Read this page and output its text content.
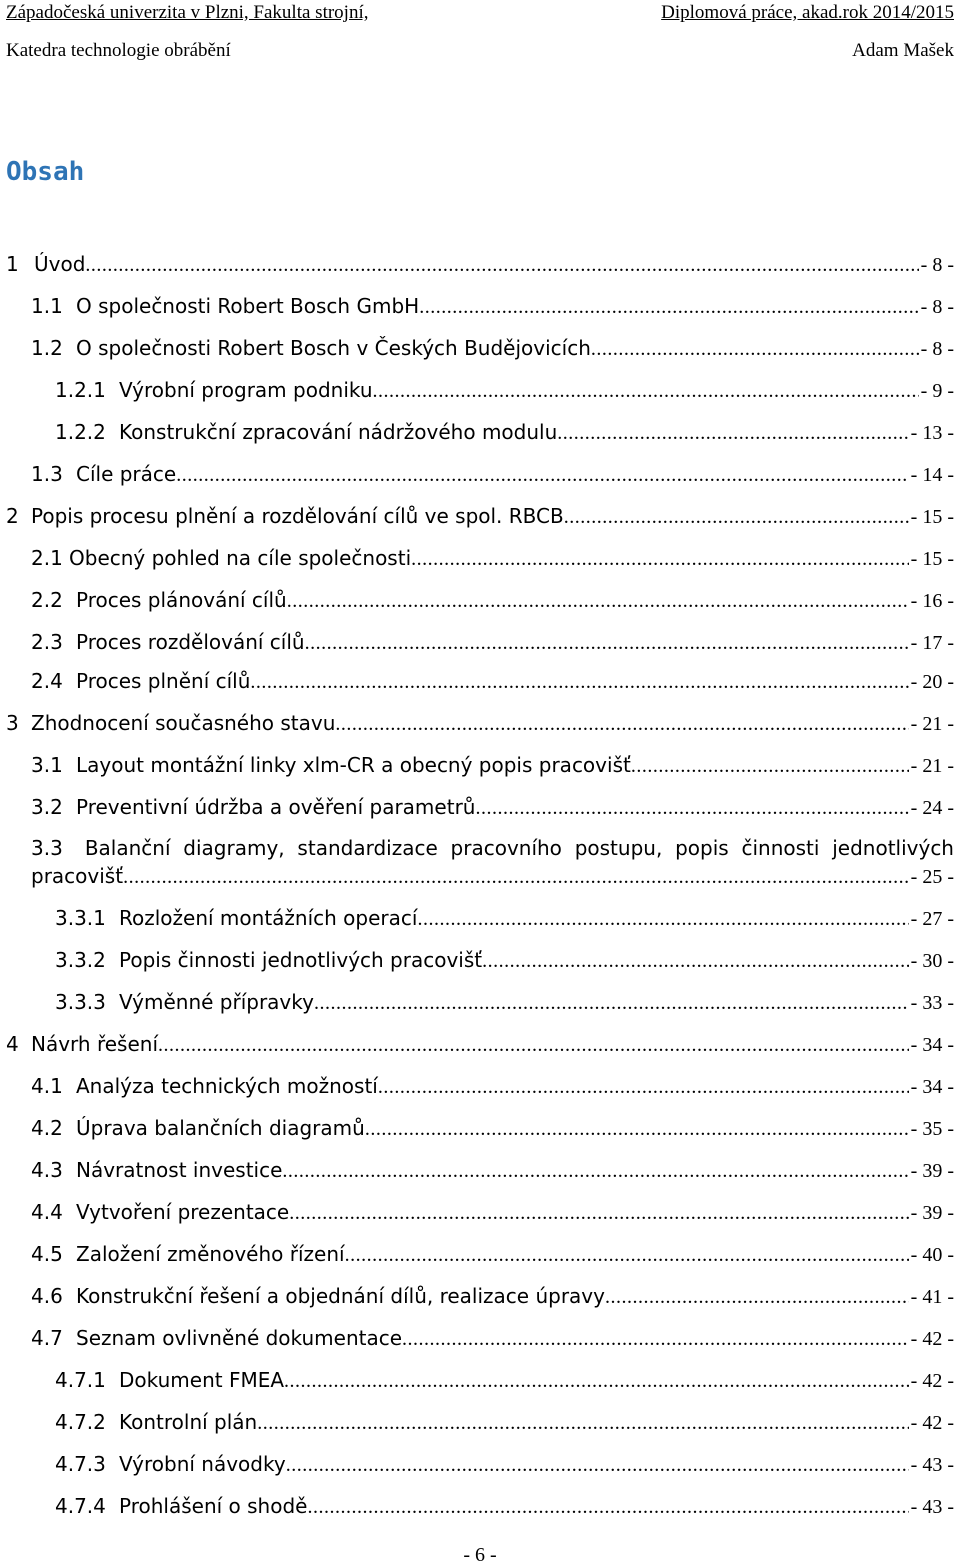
Západočeská univerzita v Plzni, Fakulta strojní,	Diplomová práce, akad.rok 2014/2015
Katedra technologie obrábění	Adam Mašek
Obsah
1 Úvod .....	- 8 -
1.1 O společnosti Robert Bosch GmbH .....	- 8 -
1.2 O společnosti Robert Bosch v Českých Budějovicích .....	- 8 -
1.2.1 Výrobní program podniku .....	- 9 -
1.2.2 Konstrukční zpracování nádržového modulu .....	- 13 -
1.3 Cíle práce .....	- 14 -
2 Popis procesu plnění a rozdělování cílů ve spol. RBCB .....	- 15 -
2.1 Obecný pohled na cíle společnosti .....	- 15 -
2.2 Proces plánování cílů .....	- 16 -
2.3 Proces rozdělování cílů .....	- 17 -
2.4 Proces plnění cílů .....	- 20 -
3 Zhodnocení současného stavu .....	- 21 -
3.1 Layout montážní linky xlm-CR a obecný popis pracovišť .....	- 21 -
3.2 Preventivní údržba a ověření parametrů .....	- 24 -
3.3 Balanční diagramy, standardizace pracovního postupu, popis činnosti jednotlivých
pracovišť .....	- 25 -
3.3.1 Rozložení montážních operací .....	- 27 -
3.3.2 Popis činnosti jednotlivých pracovišť .....	- 30 -
3.3.3 Výměnné přípravky .....	- 33 -
4 Návrh řešení .....	- 34 -
4.1 Analýza technických možností .....	- 34 -
4.2 Úprava balančních diagramů .....	- 35 -
4.3 Návratnost investice .....	- 39 -
4.4 Vytvoření prezentace .....	- 39 -
4.5 Založení změnového řízení .....	- 40 -
4.6 Konstrukční řešení a objednání dílů, realizace úpravy .....	- 41 -
4.7 Seznam ovlivněné dokumentace .....	- 42 -
4.7.1 Dokument FMEA .....	- 42 -
4.7.2 Kontrolní plán .....	- 42 -
4.7.3 Výrobní návodky .....	- 43 -
4.7.4 Prohlášení o shodě .....	- 43 -
- 6 -
